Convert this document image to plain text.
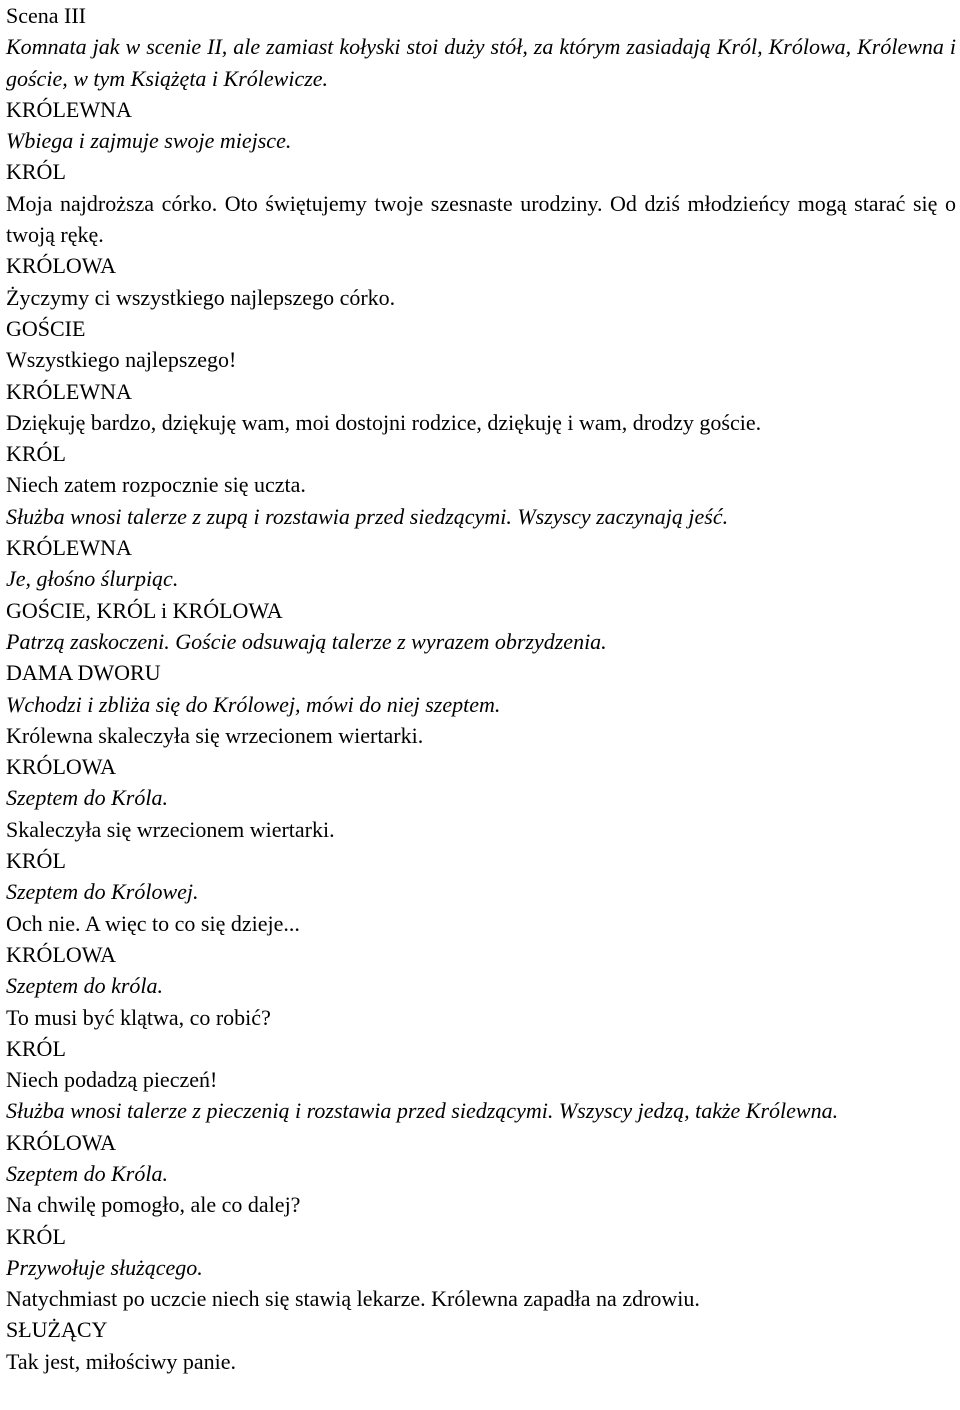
Scena III

Komnata jak w scenie II, ale zamiast kołyski stoi duży stół, za którym zasiadają Król, Królowa, Królewna i goście, w tym Książęta i Królewicze.

KRÓLEWNA

Wbiega i zajmuje swoje miejsce.

KRÓL

Moja najdroższa córko. Oto świętujemy twoje szesnaste urodziny. Od dziś młodzieńcy mogą starać się o twoją rękę.

KRÓLOWA

Życzymy ci wszystkiego najlepszego córko.

GOŚCIE

Wszystkiego najlepszego!

KRÓLEWNA

Dziękuję bardzo, dziękuję wam, moi dostojni rodzice, dziękuję i wam, drodzy goście.

KRÓL

Niech zatem rozpocznie się uczta.

Służba wnosi talerze z zupą i rozstawia przed siedzącymi. Wszyscy zaczynają jeść.

KRÓLEWNA

Je, głośno ślurpiąc.

GOŚCIE, KRÓL i KRÓLOWA

Patrzą zaskoczeni. Goście odsuwają talerze z wyrazem obrzydzenia.

DAMA DWORU

Wchodzi i zbliża się do Królowej, mówi do niej szeptem.

Królewna skaleczyła się wrzecionem wiertarki.

KRÓLOWA

Szeptem do Króla.

Skaleczyła się wrzecionem wiertarki.

KRÓL

Szeptem do Królowej.

Och nie. A więc to co się dzieje...

KRÓLOWA

Szeptem do króla.

To musi być klątwa, co robić?

KRÓL

Niech podadzą pieczeń!

Służba wnosi talerze z pieczenią i rozstawia przed siedzącymi. Wszyscy jedzą, także Królewna.

KRÓLOWA

Szeptem do Króla.

Na chwilę pomogło, ale co dalej?

KRÓL

Przywołuje służącego.

Natychmiast po uczcie niech się stawią lekarze. Królewna zapadła na zdrowiu.

SŁUŻĄCY

Tak jest, miłościwy panie.
